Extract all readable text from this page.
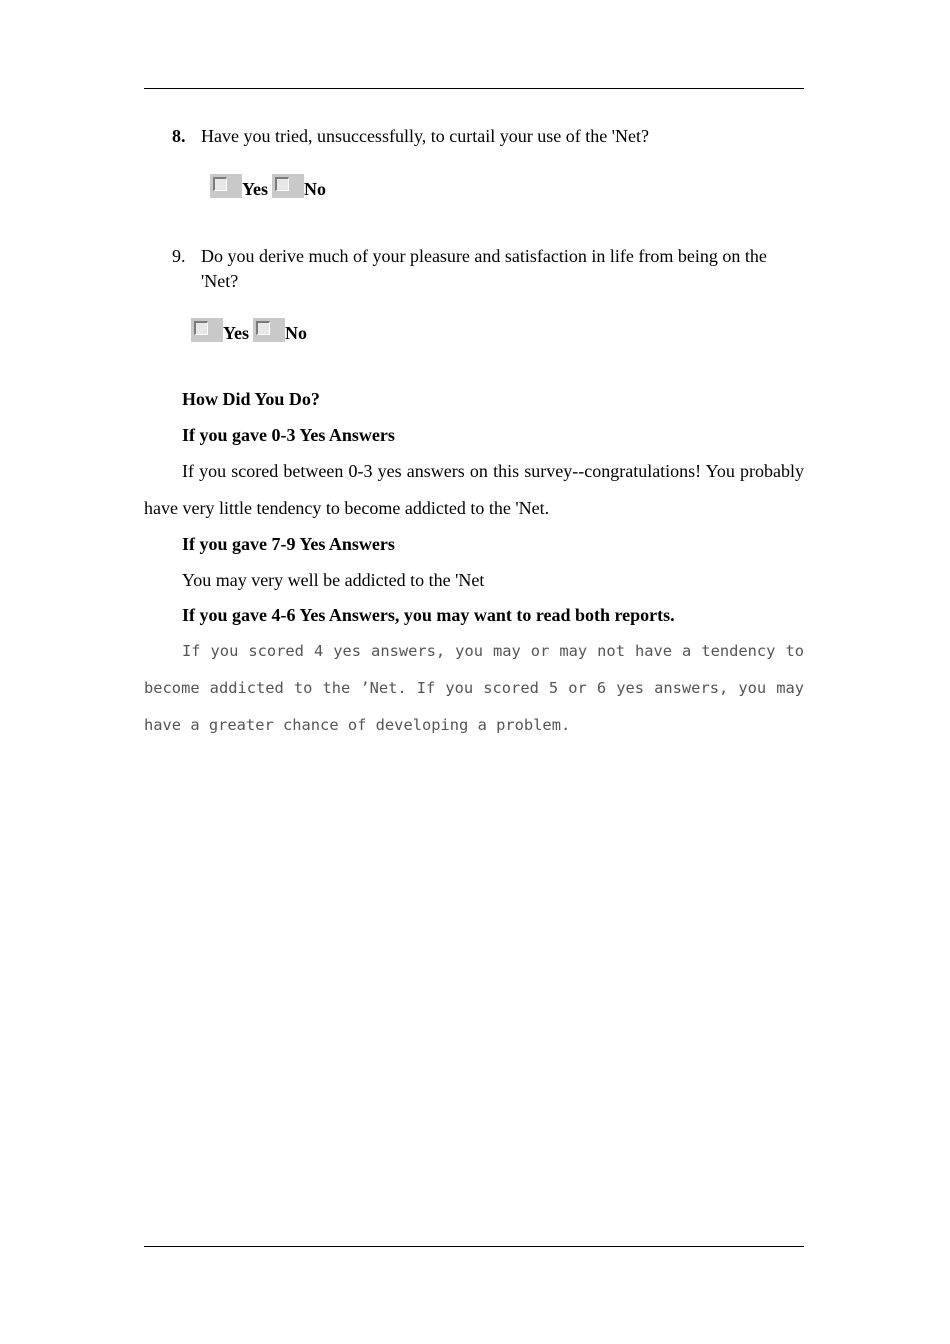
8. Have you tried, unsuccessfully, to curtail your use of the 'Net?
Yes No
9. Do you derive much of your pleasure and satisfaction in life from being on the 'Net?
Yes No
How Did You Do?
If you gave 0-3 Yes Answers
If you scored between 0-3 yes answers on this survey--congratulations! You probably have very little tendency to become addicted to the 'Net.
If you gave 7-9 Yes Answers
You may very well be addicted to the 'Net
If you gave 4-6 Yes Answers, you may want to read both reports.
If you scored 4 yes answers, you may or may not have a tendency to become addicted to the ’Net. If you scored 5 or 6 yes answers, you may have a greater chance of developing a problem.
